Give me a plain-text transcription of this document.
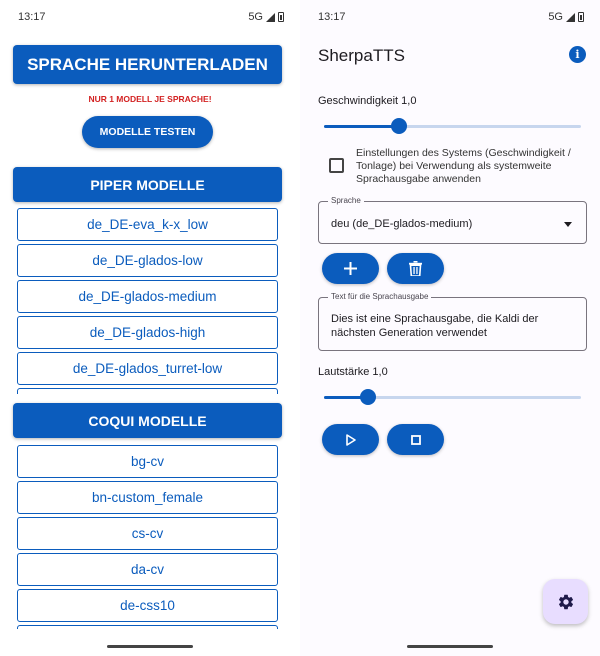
13:17	5G
SPRACHE HERUNTERLADEN
NUR 1 MODELL JE SPRACHE!
MODELLE TESTEN
PIPER MODELLE
de_DE-eva_k-x_low
de_DE-glados-low
de_DE-glados-medium
de_DE-glados-high
de_DE-glados_turret-low
COQUI MODELLE
bg-cv
bn-custom_female
cs-cv
da-cv
de-css10
13:17	5G
SherpaTTS	i
Geschwindigkeit 1,0
Einstellungen des Systems (Geschwindigkeit / Tonlage) bei Verwendung als systemweite Sprachausgabe anwenden
Sprache
deu (de_DE-glados-medium)
Text für die Sprachausgabe
Dies ist eine Sprachausgabe, die Kaldi der nächsten Generation verwendet
Lautstärke 1,0
